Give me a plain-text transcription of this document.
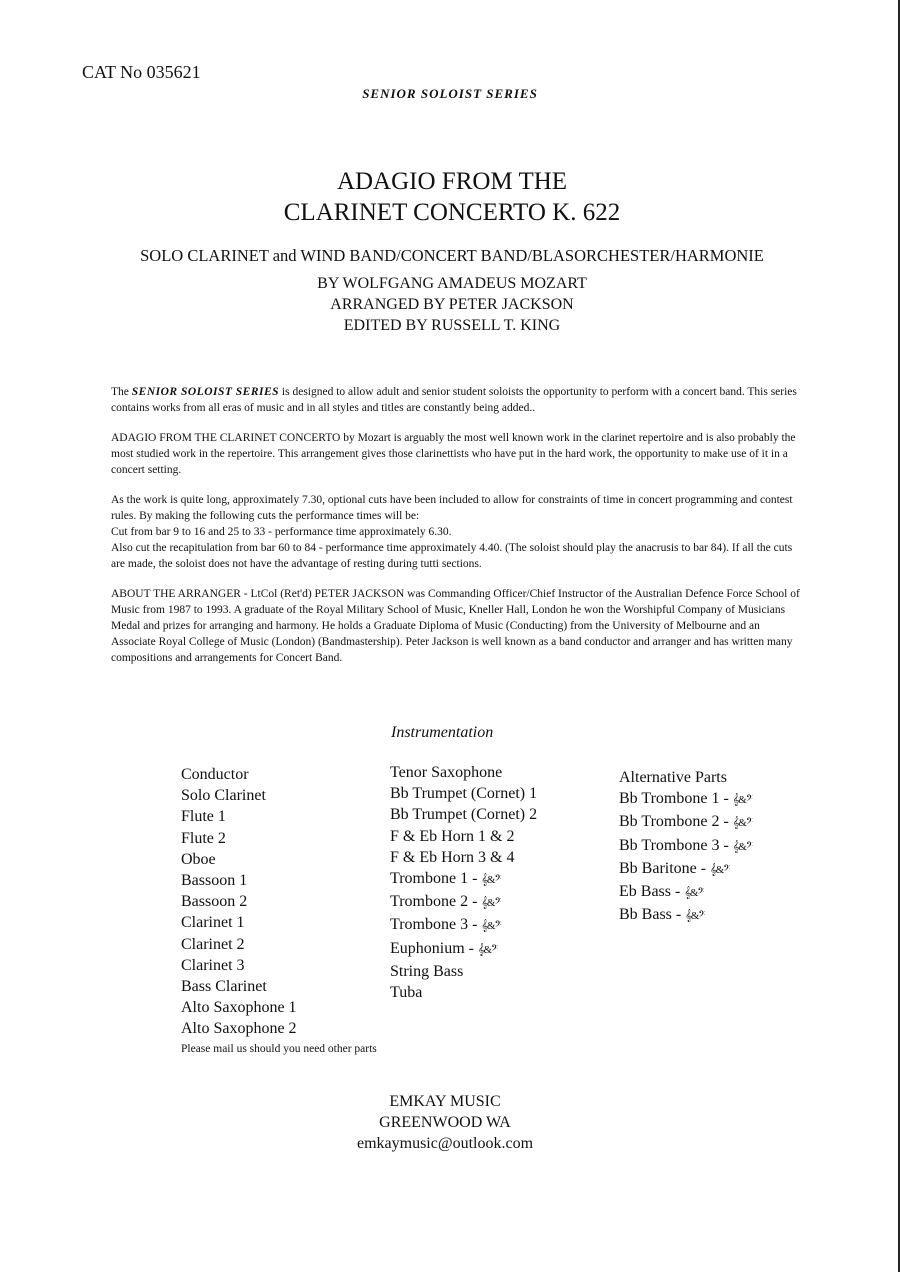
CAT No 035621
SENIOR SOLOIST SERIES
ADAGIO FROM THE
CLARINET CONCERTO K. 622
SOLO CLARINET and WIND BAND/CONCERT BAND/BLASORCHESTER/HARMONIE
BY WOLFGANG AMADEUS MOZART
ARRANGED BY PETER JACKSON
EDITED BY RUSSELL T. KING

The SENIOR SOLOIST SERIES is designed to allow adult and senior student soloists the opportunity to perform with a concert band. This series contains works from all eras of music and in all styles and titles are constantly being added..

ADAGIO FROM THE CLARINET CONCERTO by Mozart is arguably the most well known work in the clarinet repertoire and is also probably the most studied work in the repertoire. This arrangement gives those clarinettists who have put in the hard work, the opportunity to make use of it in a concert setting.

As the work is quite long, approximately 7.30, optional cuts have been included to allow for constraints of time in concert programming and contest rules. By making the following cuts the performance times will be:
Cut from bar 9 to 16 and 25 to 33 - performance time approximately 6.30.
Also cut the recapitulation from bar 60 to 84 - performance time approximately 4.40. (The soloist should play the anacrusis to bar 84). If all the cuts are made, the soloist does not have the advantage of resting during tutti sections.

ABOUT THE ARRANGER - LtCol (Ret'd) PETER JACKSON was Commanding Officer/Chief Instructor of the Australian Defence Force School of Music from 1987 to 1993. A graduate of the Royal Military School of Music, Kneller Hall, London he won the Worshipful Company of Musicians Medal and prizes for arranging and harmony. He holds a Graduate Diploma of Music (Conducting) from the University of Melbourne and an Associate Royal College of Music (London) (Bandmastership). Peter Jackson is well known as a band conductor and arranger and has written many compositions and arrangements for Concert Band.

Instrumentation
Conductor
Solo Clarinet
Flute 1
Flute 2
Oboe
Bassoon 1
Bassoon 2
Clarinet 1
Clarinet 2
Clarinet 3
Bass Clarinet
Alto Saxophone 1
Alto Saxophone 2
Tenor Saxophone
Bb Trumpet (Cornet) 1
Bb Trumpet (Cornet) 2
F & Eb Horn 1 & 2
F & Eb Horn 3 & 4
Trombone 1 - 𝄞&𝄢
Trombone 2 - 𝄞&𝄢
Trombone 3 - 𝄞&𝄢
Euphonium - 𝄞&𝄢
String Bass
Tuba
Alternative Parts
Bb Trombone 1 - 𝄞&𝄢
Bb Trombone 2 - 𝄞&𝄢
Bb Trombone 3 - 𝄞&𝄢
Bb Baritone - 𝄞&𝄢
Eb Bass - 𝄞&𝄢
Bb Bass - 𝄞&𝄢
Please mail us should you need other parts
EMKAY MUSIC
GREENWOOD WA
emkaymusic@outlook.com
